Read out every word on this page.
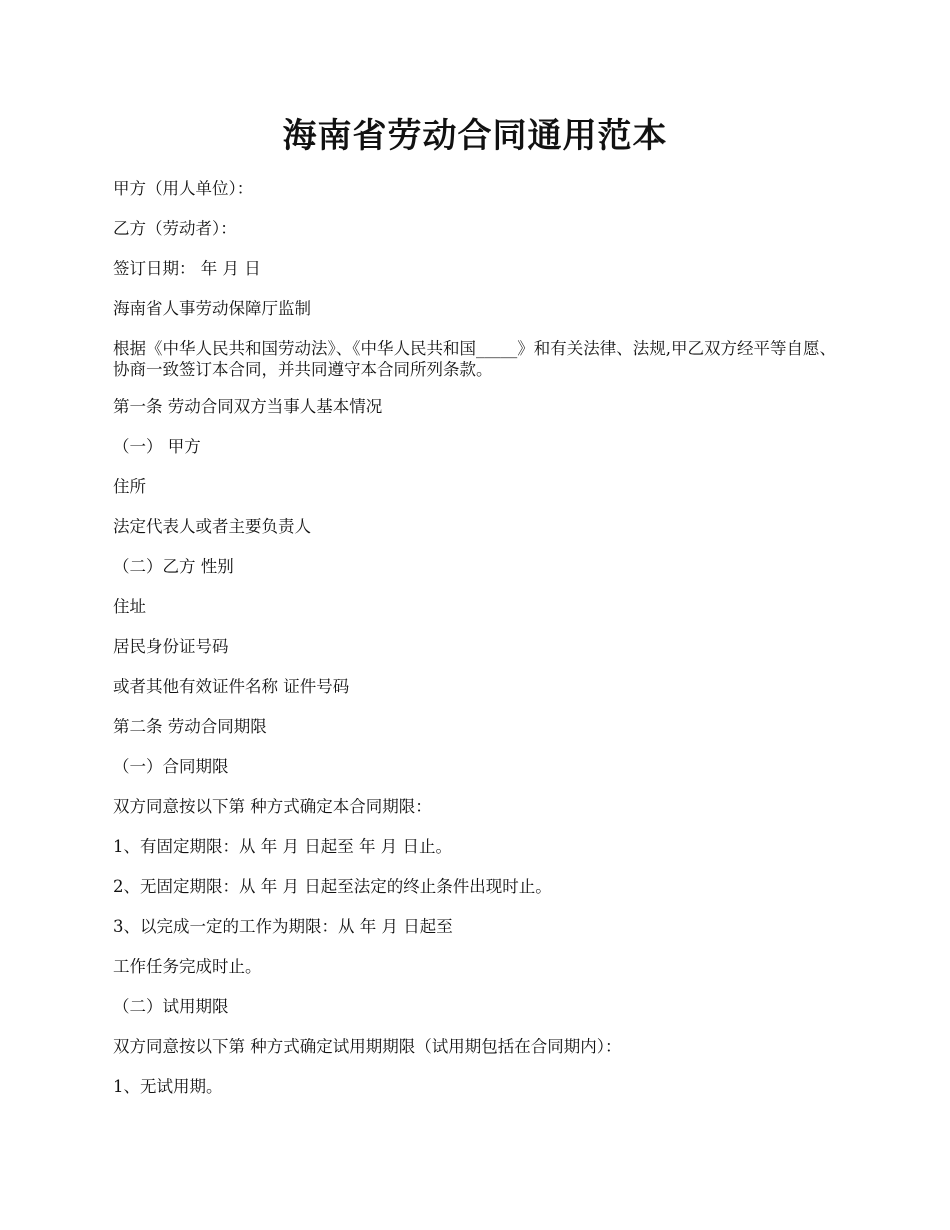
海南省劳动合同通用范本

甲方（用人单位）：

乙方（劳动者）：

签订日期： 年 月 日

海南省人事劳动保障厅监制

根据《中华人民共和国劳动法》、《中华人民共和国_____》和有关法律、法规,甲乙双方经平等自愿、协商一致签订本合同，并共同遵守本合同所列条款。

第一条 劳动合同双方当事人基本情况

（一） 甲方

住所

法定代表人或者主要负责人

（二）乙方 性别

住址

居民身份证号码

或者其他有效证件名称 证件号码

第二条 劳动合同期限

（一）合同期限

双方同意按以下第 种方式确定本合同期限：

1、有固定期限：从 年 月 日起至 年 月 日止。

2、无固定期限：从 年 月 日起至法定的终止条件出现时止。

3、以完成一定的工作为期限：从 年 月 日起至

工作任务完成时止。

（二）试用期限

双方同意按以下第 种方式确定试用期期限（试用期包括在合同期内）：

1、无试用期。
